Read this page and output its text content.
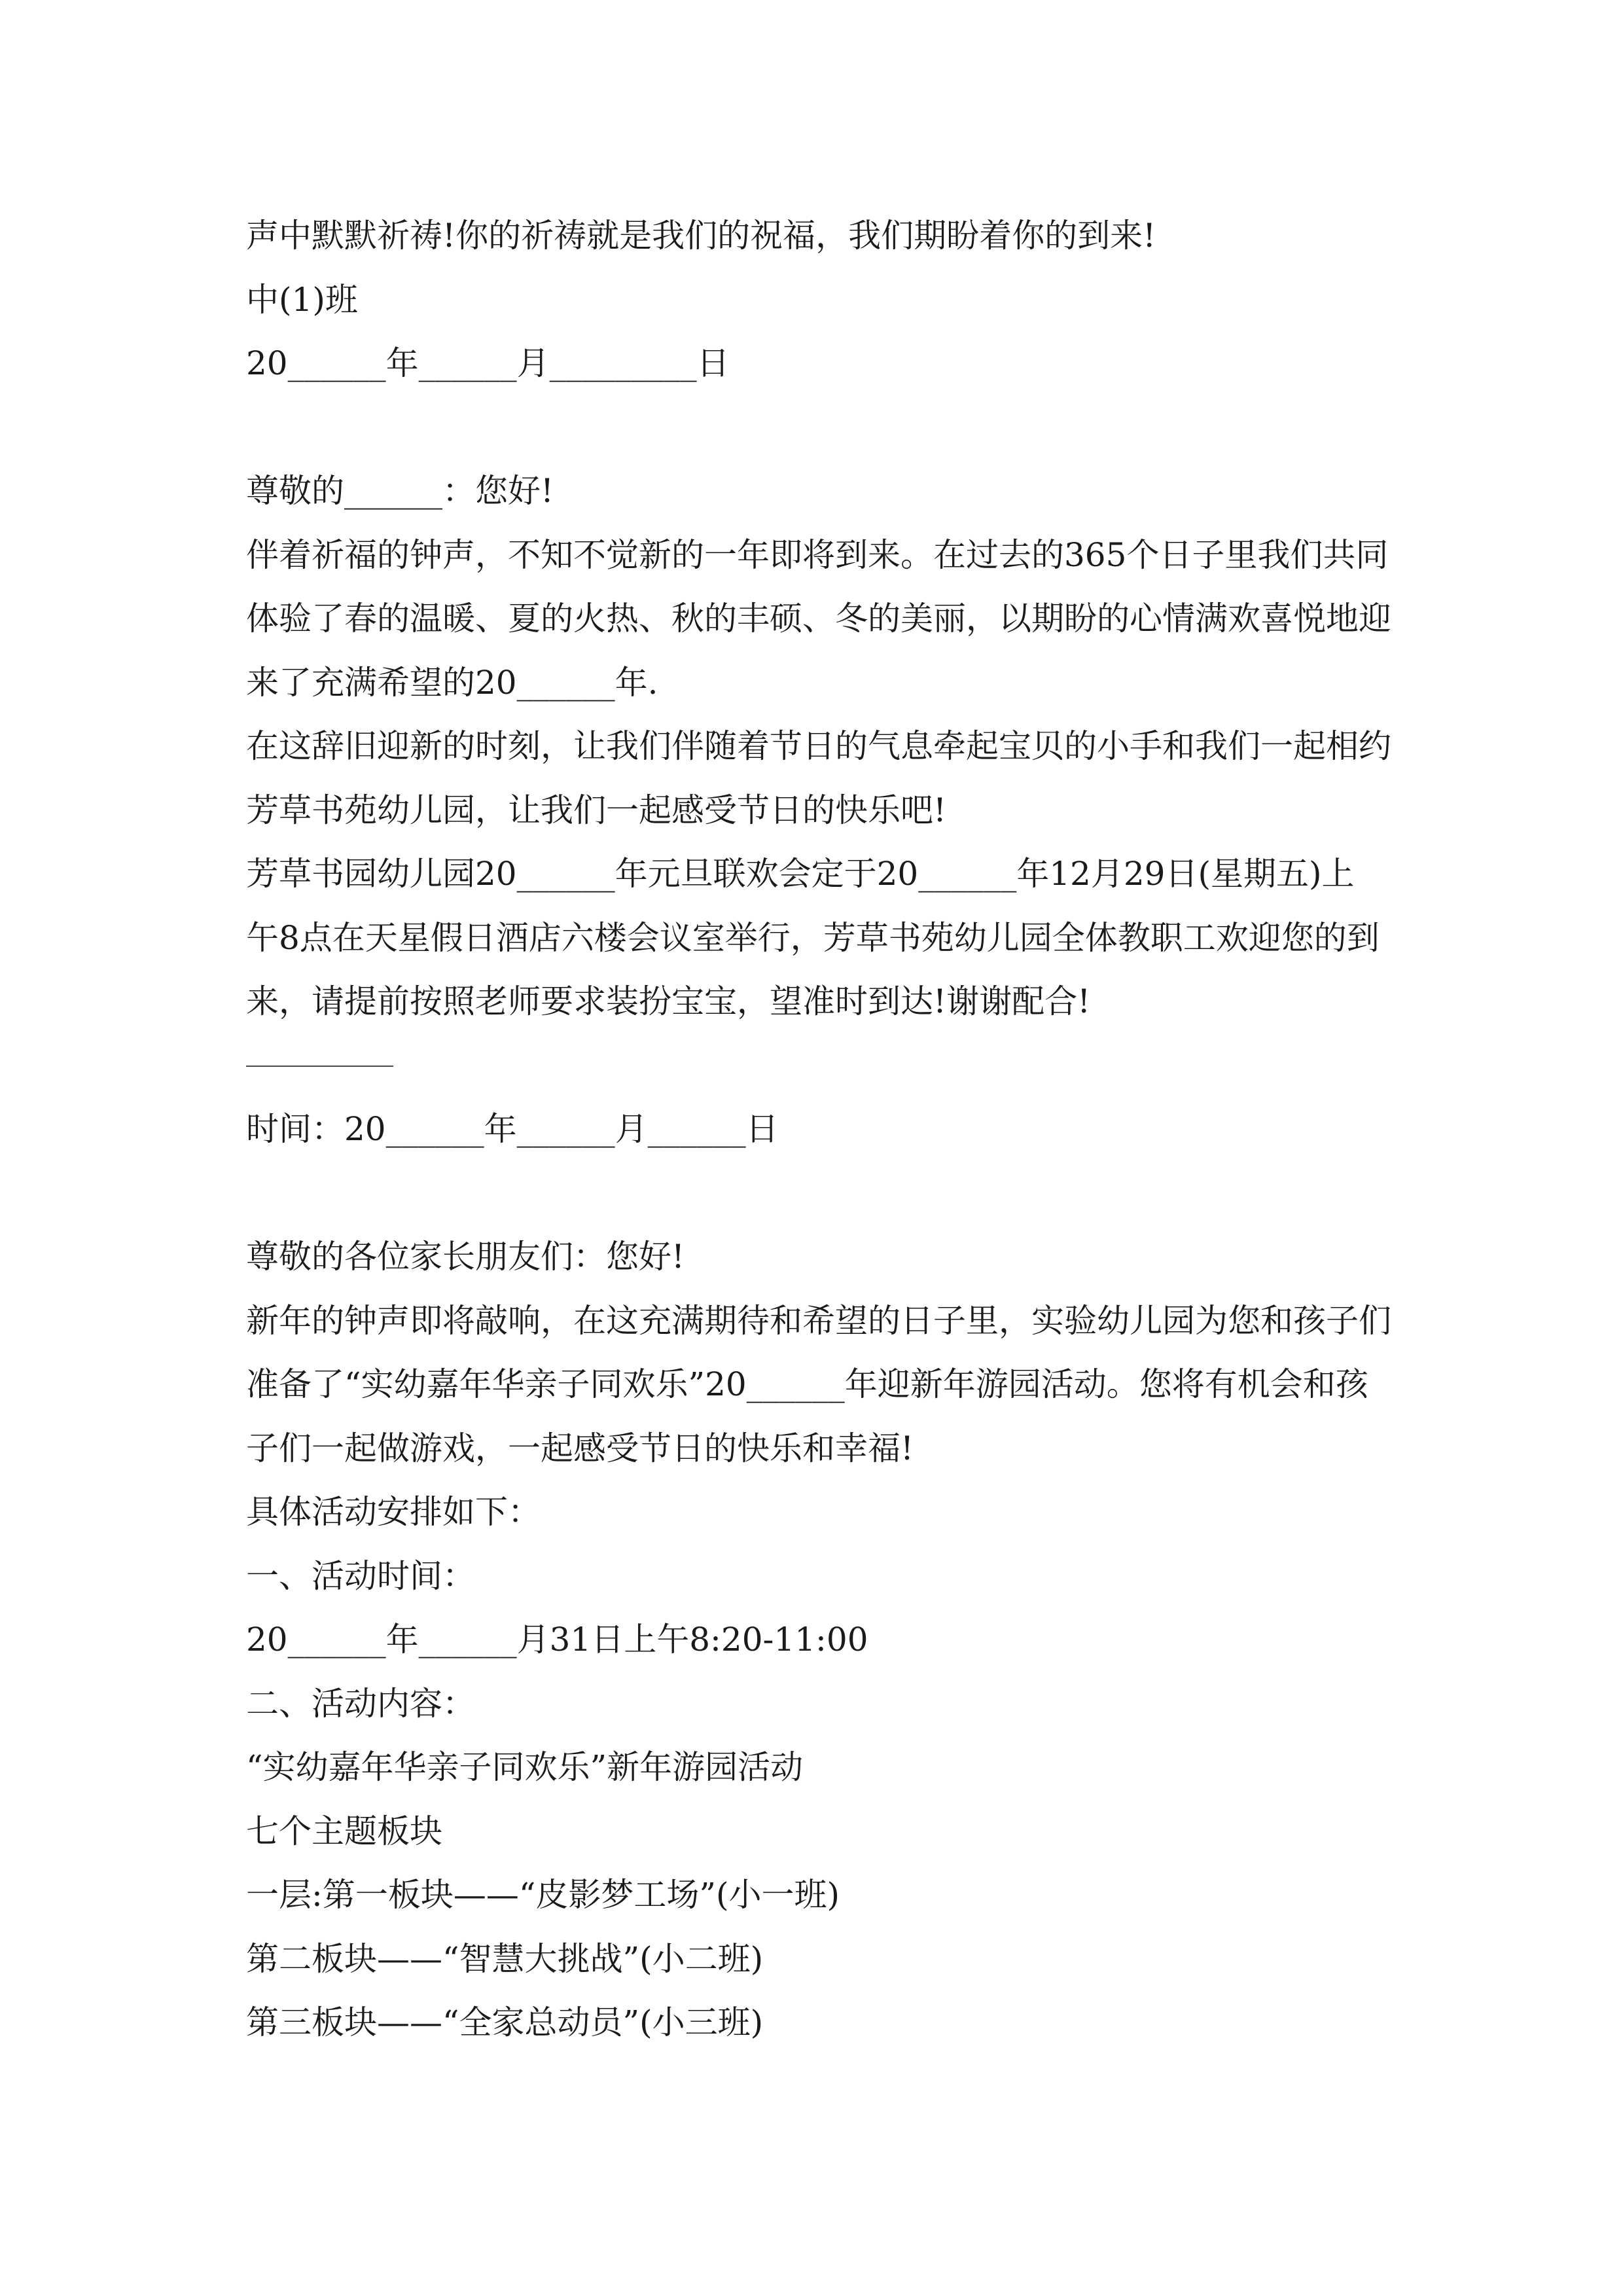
声中默默祈祷!你的祈祷就是我们的祝福，我们期盼着你的到来!
中(1)班
20______年______月_________日
尊敬的______：您好!
伴着祈福的钟声，不知不觉新的一年即将到来。在过去的365个日子里我们共同
体验了春的温暖、夏的火热、秋的丰硕、冬的美丽，以期盼的心情满欢喜悦地迎
来了充满希望的20______年.
在这辞旧迎新的时刻，让我们伴随着节日的气息牵起宝贝的小手和我们一起相约
芳草书苑幼儿园，让我们一起感受节日的快乐吧!
芳草书园幼儿园20______年元旦联欢会定于20______年12月29日(星期五)上
午8点在天星假日酒店六楼会议室举行，芳草书苑幼儿园全体教职工欢迎您的到
来，请提前按照老师要求装扮宝宝，望准时到达!谢谢配合!
时间：20______年______月______日
尊敬的各位家长朋友们：您好!
新年的钟声即将敲响，在这充满期待和希望的日子里，实验幼儿园为您和孩子们
准备了“实幼嘉年华亲子同欢乐”20______年迎新年游园活动。您将有机会和孩
子们一起做游戏，一起感受节日的快乐和幸福!
具体活动安排如下：
一、活动时间：
20______年______月31日上午8:20-11:00
二、活动内容：
“实幼嘉年华亲子同欢乐”新年游园活动
七个主题板块
一层:第一板块——“皮影梦工场”(小一班)
第二板块——“智慧大挑战”(小二班)
第三板块——“全家总动员”(小三班)
